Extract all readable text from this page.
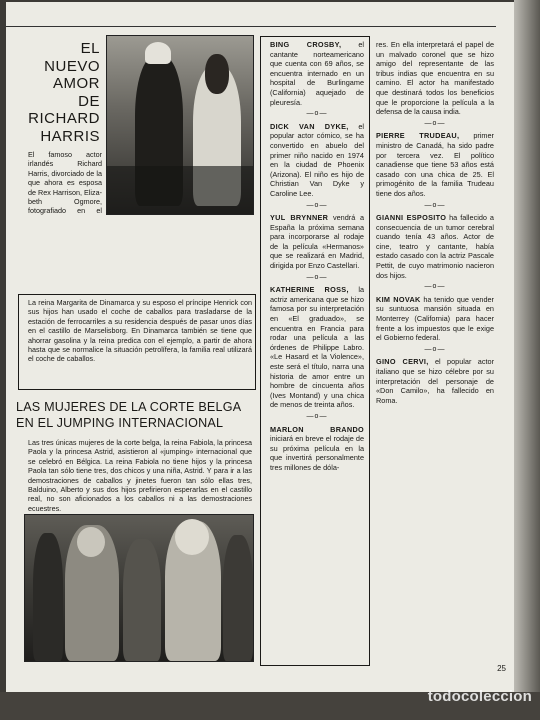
EL
NUEVO
AMOR
DE
RICHARD
HARRIS
El famoso actor irlandés Richard Harris, divorciado de la que ahora es esposa de Rex Harrison, Eliza-beth Ogmore, fotografiado en el
La reina Margarita de Dinamarca y su esposo el príncipe Henrick con sus hijos han usado el coche de caballos para trasladarse de la estación de ferrocarriles a su residencia después de pasar unos días en el castillo de Marselisborg. En Dinamarca también se tiene que ahorrar gasolina y la reina predica con el ejemplo, a partir de ahora hasta que se normalice la situación petrolífera, la familia real utilizará el coche de caballos.
LAS MUJERES DE LA CORTE BELGA
EN EL JUMPING INTERNACIONAL
Las tres únicas mujeres de la corte belga, la reina Fabiola, la princesa Paola y la princesa Astrid, asistieron al «jumping» internacional que se celebró en Bélgica. La reina Fabiola no tiene hijos y la princesa Paola tan sólo tiene tres, dos chicos y una niña, Astrid. Y para ir a las demostraciones de caballos y jinetes fueron tan sólo ellas tres, Balduino, Alberto y sus dos hijos prefirieron esperarlas en el castillo real, no son aficionados a los caballos ni a las demostraciones ecuestres.
BING CROSBY, el cantante norteamericano que cuenta con 69 años, se encuentra internado en un hospital de Burlingame (California) aquejado de pleuresía.
—o—
DICK VAN DYKE, el popular actor cómico, se ha convertido en abuelo del primer niño nacido en 1974 en la ciudad de Phoenix (Arizona). El niño es hijo de Christian Van Dyke y Caroline Lee.
—o—
YUL BRYNNER vendrá a España la próxima semana para incorporarse al rodaje de la película «Hermanos» que se realizará en Madrid, dirigida por Enzo Castellari.
—o—
KATHERINE ROSS, la actriz americana que se hizo famosa por su interpretación en «El graduado», se encuentra en Francia para rodar una película a las órdenes de Philippe Labro. «Le Hasard et la Violence», este será el título, narra una historia de amor entre un hombre de cincuenta años (Ives Montand) y una chica de menos de treinta años.
—o—
MARLON BRANDO iniciará en breve el rodaje de su próxima película en la que invertirá personalmente tres millones de dóla-
res. En ella interpretará el papel de un malvado coronel que se hizo amigo del representante de las tribus indias que encuentra en su camino. El actor ha manifestado que destinará todos los beneficios que le proporcione la película a la defensa de la causa india.
—o—
PIERRE TRUDEAU, primer ministro de Canadá, ha sido padre por tercera vez. El político canadiense que tiene 53 años está casado con una chica de 25. El primogénito de la familia Trudeau tiene dos años.
—o—
GIANNI ESPOSITO ha fallecido a consecuencia de un tumor cerebral cuando tenía 43 años. Actor de cine, teatro y cantante, había estado casado con la actriz Pascale Pettit, de cuyo matrimonio nacieron dos hijos.
—o—
KIM NOVAK ha tenido que vender su suntuosa mansión situada en Monterrey (California) para hacer frente a los impuestos que le exige el Gobierno federal.
—o—
GINO CERVI, el popular actor italiano que se hizo célebre por su interpretación del personaje de «Don Camilo», ha fallecido en Roma.
25
todocoleccion
